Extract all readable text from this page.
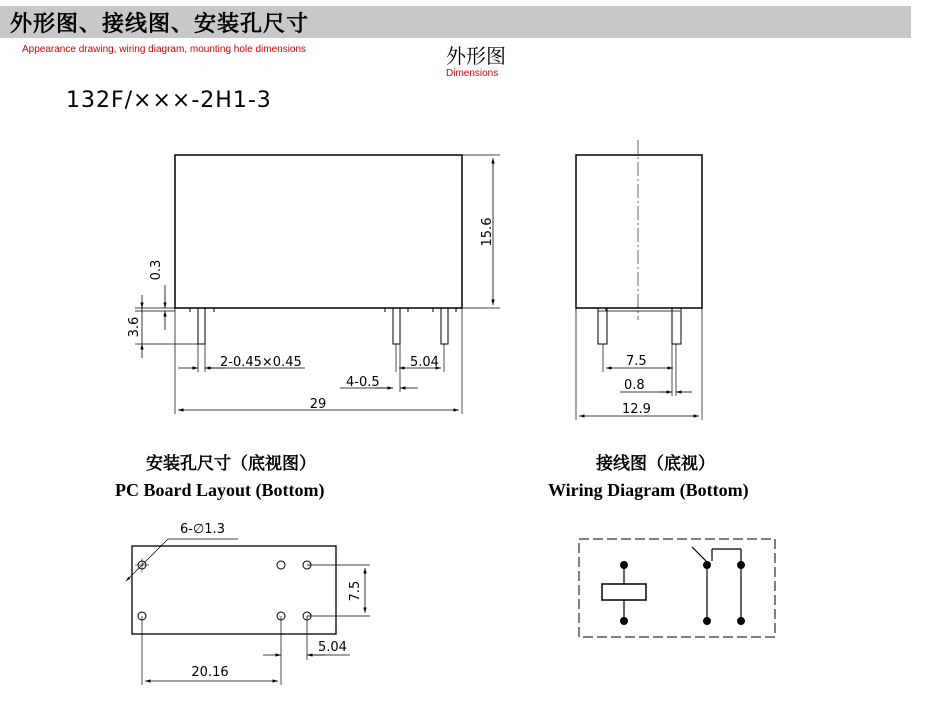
外形图、接线图、安装孔尺寸
Appearance drawing, wiring diagram, mounting hole dimensions	外形图
Dimensions
132F/×××-2H1-3
安装孔尺寸（底视图）
PC Board Layout (Bottom)
接线图（底视）
Wiring Diagram (Bottom)
15.6
0.3
3.6
2-0.45×0.45	5.04
4-0.5
29
7.5
0.8
12.9
6-∅1.3
7.5
5.04
20.16
